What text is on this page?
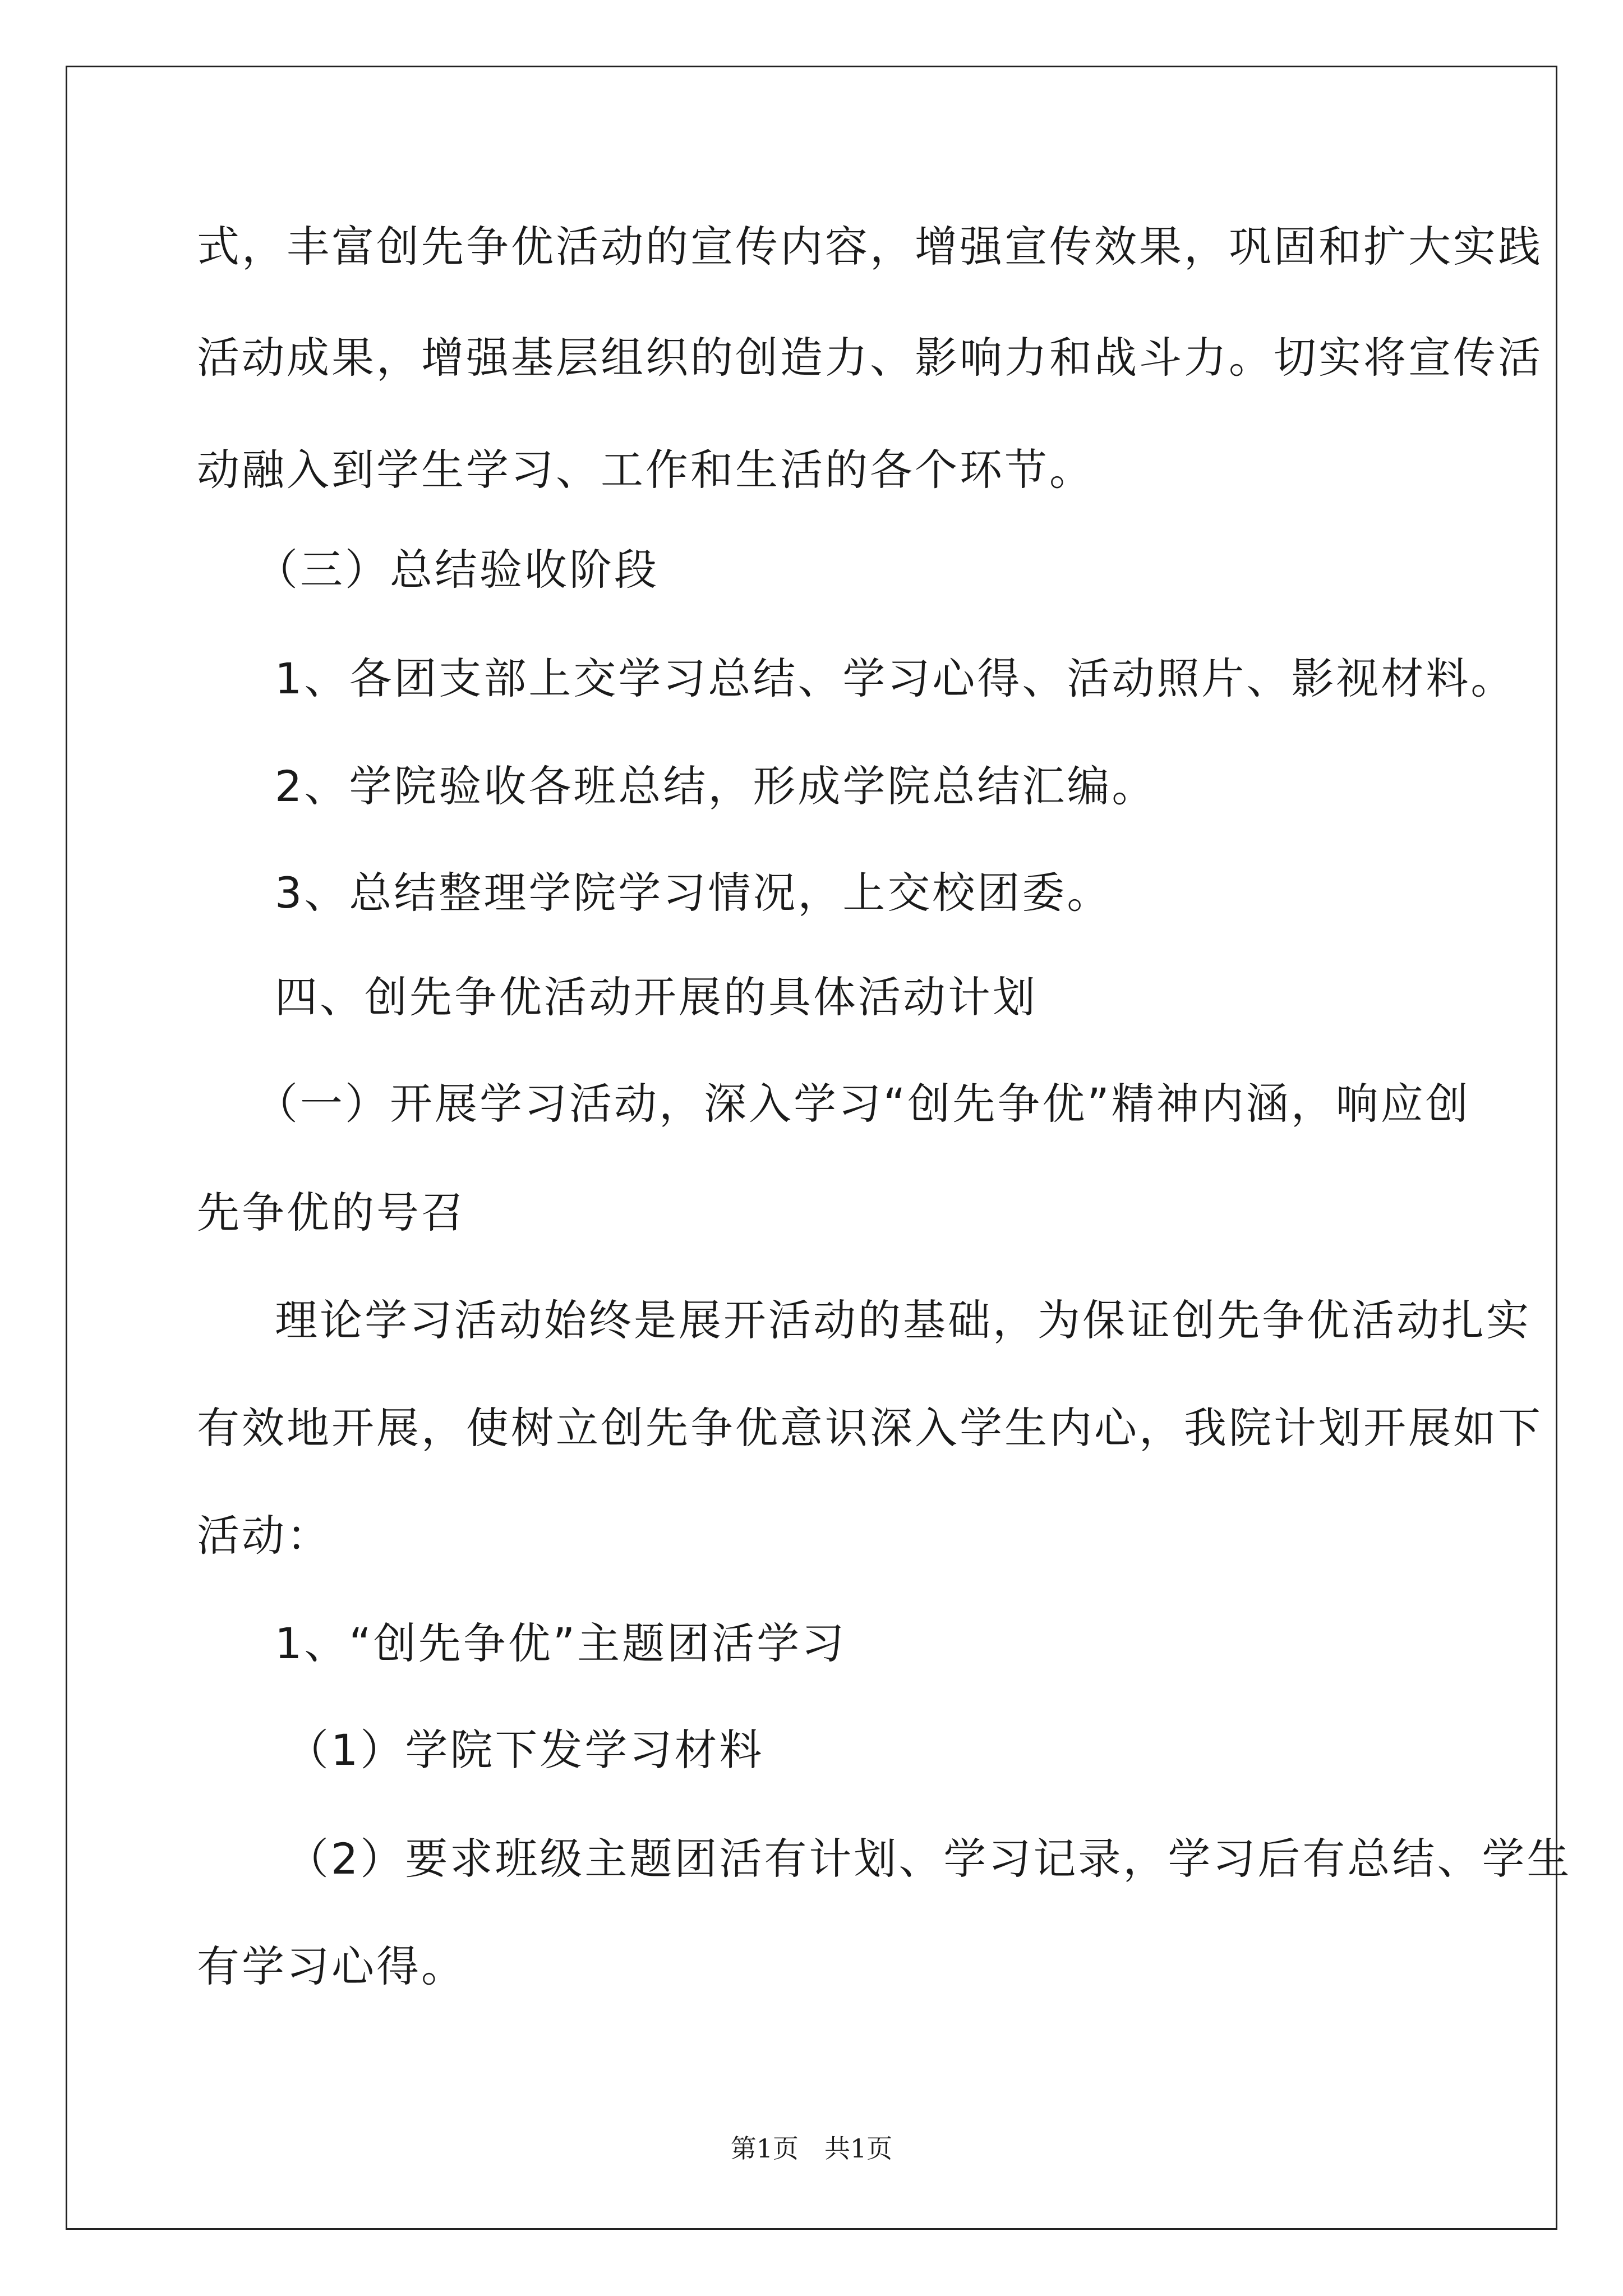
式，丰富创先争优活动的宣传内容，增强宣传效果，巩固和扩大实践
活动成果，增强基层组织的创造力、影响力和战斗力。切实将宣传活
动融入到学生学习、工作和生活的各个环节。
（三）总结验收阶段
1、各团支部上交学习总结、学习心得、活动照片、影视材料。
2、学院验收各班总结，形成学院总结汇编。
3、总结整理学院学习情况，上交校团委。
四、创先争优活动开展的具体活动计划
（一）开展学习活动，深入学习“创先争优”精神内涵，响应创
先争优的号召
理论学习活动始终是展开活动的基础，为保证创先争优活动扎实
有效地开展，使树立创先争优意识深入学生内心，我院计划开展如下
活动：
1、“创先争优”主题团活学习
（1）学院下发学习材料
（2）要求班级主题团活有计划、学习记录，学习后有总结、学生
有学习心得。
第1页　共1页
